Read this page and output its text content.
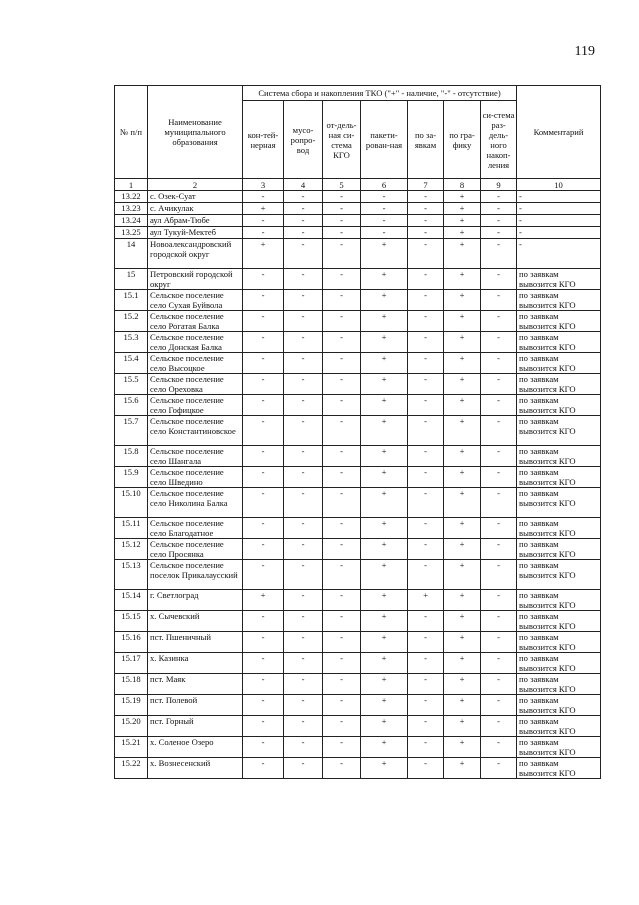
119
№ п/п	Наименование муниципального образования	Система сбора и накопления ТКО ("+" - наличие, "-" - отсутствие)							Комментарий
		кон-тей-нерная	мусо-ропро-вод	от-дель-ная си-стема КГО	пакети-рован-ная	по за-явкам	по гра-фику	си-стема раз-дель-ного накоп-ления	
1	2	3	4	5	6	7	8	9	10
13.22	с. Озек-Суат	-	-	-	-	-	+	-	-
13.23	с. Ачикулак	+	-	-	-	-	+	-	-
13.24	аул Абрам-Тюбе	-	-	-	-	-	+	-	-
13.25	аул Тукуй-Мектеб	-	-	-	-	-	+	-	-
14	Новоалександровский городской округ	+	-	-	+	-	+	-	-
15	Петровский городской округ	-	-	-	+	-	+	-	по заявкам вывозится КГО
15.1	Сельское поселение село Сухая Буйвола	-	-	-	+	-	+	-	по заявкам вывозится КГО
15.2	Сельское поселение село Рогатая Балка	-	-	-	+	-	+	-	по заявкам вывозится КГО
15.3	Сельское поселение село Донская Балка	-	-	-	+	-	+	-	по заявкам вывозится КГО
15.4	Сельское поселение село Высоцкое	-	-	-	+	-	+	-	по заявкам вывозится КГО
15.5	Сельское поселение село Ореховка	-	-	-	+	-	+	-	по заявкам вывозится КГО
15.6	Сельское поселение село Гофицкое	-	-	-	+	-	+	-	по заявкам вывозится КГО
15.7	Сельское поселение село Константиновское	-	-	-	+	-	+	-	по заявкам вывозится КГО
15.8	Сельское поселение село Шангала	-	-	-	+	-	+	-	по заявкам вывозится КГО
15.9	Сельское поселение село Шведино	-	-	-	+	-	+	-	по заявкам вывозится КГО
15.10	Сельское поселение село Николина Балка	-	-	-	+	-	+	-	по заявкам вывозится КГО
15.11	Сельское поселение село Благодатное	-	-	-	+	-	+	-	по заявкам вывозится КГО
15.12	Сельское поселение село Просянка	-	-	-	+	-	+	-	по заявкам вывозится КГО
15.13	Сельское поселение поселок Прикалаусский	-	-	-	+	-	+	-	по заявкам вывозится КГО
15.14	г. Светлоград	+	-	-	+	+	+	-	по заявкам вывозится КГО
15.15	х. Сычевский	-	-	-	+	-	+	-	по заявкам вывозится КГО
15.16	пст. Пшеничный	-	-	-	+	-	+	-	по заявкам вывозится КГО
15.17	х. Казинка	-	-	-	+	-	+	-	по заявкам вывозится КГО
15.18	пст. Маяк	-	-	-	+	-	+	-	по заявкам вывозится КГО
15.19	пст. Полевой	-	-	-	+	-	+	-	по заявкам вывозится КГО
15.20	пст. Горный	-	-	-	+	-	+	-	по заявкам вывозится КГО
15.21	х. Соленое Озеро	-	-	-	+	-	+	-	по заявкам вывозится КГО
15.22	х. Вознесенский	-	-	-	+	-	+	-	по заявкам вывозится КГО
